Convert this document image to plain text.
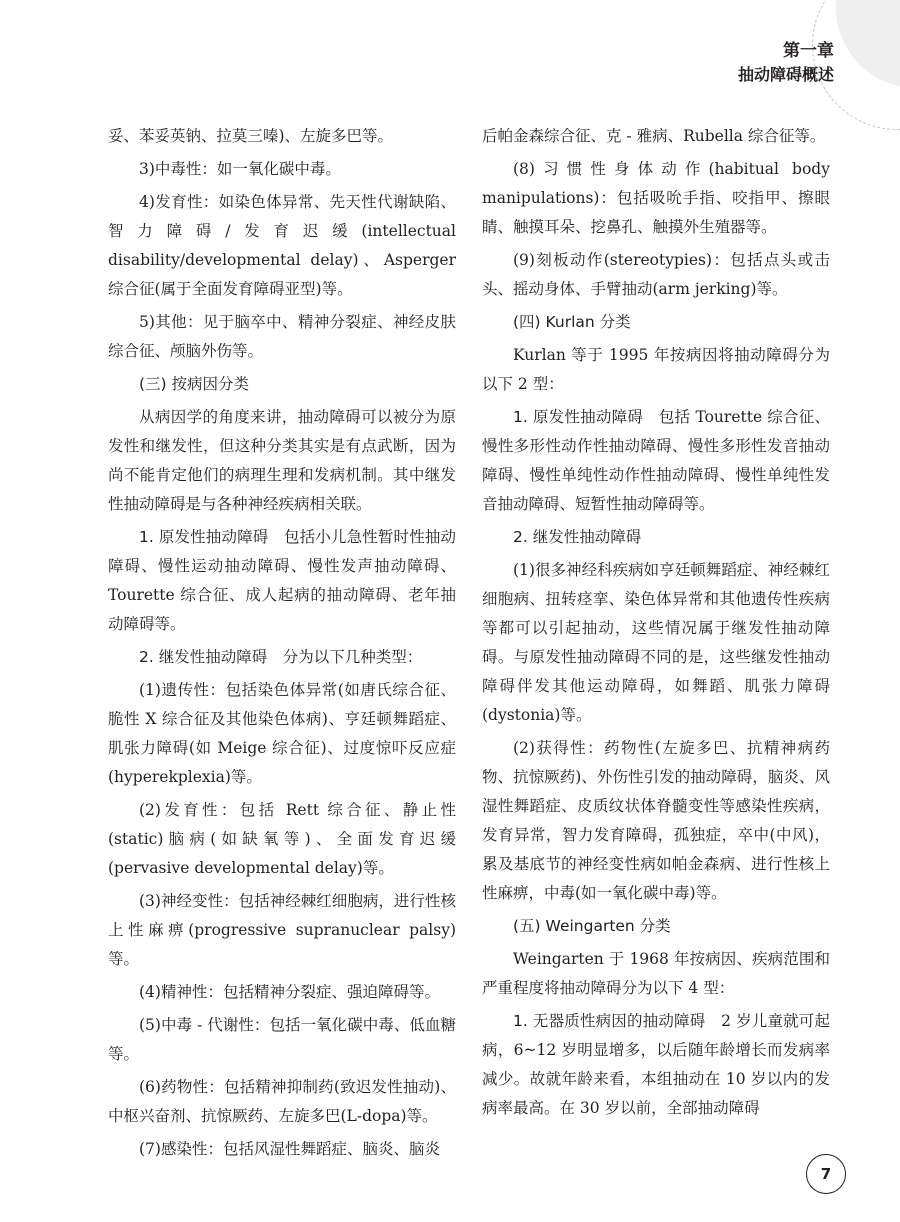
第一章
抽动障碍概述

妥、苯妥英钠、拉莫三嗪)、左旋多巴等。

3)中毒性：如一氧化碳中毒。

4)发育性：如染色体异常、先天性代谢缺陷、智力障碍/发育迟缓(intellectual disability/developmental delay)、Asperger 综合征(属于全面发育障碍亚型)等。

5)其他：见于脑卒中、精神分裂症、神经皮肤综合征、颅脑外伤等。

(三) 按病因分类

从病因学的角度来讲，抽动障碍可以被分为原发性和继发性，但这种分类其实是有点武断，因为尚不能肯定他们的病理生理和发病机制。其中继发性抽动障碍是与各种神经疾病相关联。

1. 原发性抽动障碍　 包括小儿急性暂时性抽动障碍、慢性运动抽动障碍、慢性发声抽动障碍、Tourette 综合征、成人起病的抽动障碍、老年抽动障碍等。

2. 继发性抽动障碍　 分为以下几种类型：

(1)遗传性：包括染色体异常(如唐氏综合征、脆性 X 综合征及其他染色体病)、亨廷顿舞蹈症、肌张力障碍(如 Meige 综合征)、过度惊吓反应症(hyperekplexia)等。

(2)发育性：包括 Rett 综合征、静止性(static)脑病(如缺氧等)、全面发育迟缓(pervasive developmental delay)等。

(3)神经变性：包括神经棘红细胞病，进行性核上性麻痹(progressive supranuclear palsy)等。

(4)精神性：包括精神分裂症、强迫障碍等。

(5)中毒 - 代谢性：包括一氧化碳中毒、低血糖等。

(6)药物性：包括精神抑制药(致迟发性抽动)、中枢兴奋剂、抗惊厥药、左旋多巴(L-dopa)等。

(7)感染性：包括风湿性舞蹈症、脑炎、脑炎

后帕金森综合征、克 - 雅病、Rubella 综合征等。

(8)习惯性身体动作(habitual body manipulations)：包括吸吮手指、咬指甲、擦眼睛、触摸耳朵、挖鼻孔、触摸外生殖器等。

(9)刻板动作(stereotypies)：包括点头或击头、摇动身体、手臂抽动(arm jerking)等。

(四) Kurlan 分类

Kurlan 等于 1995 年按病因将抽动障碍分为以下 2 型：

1. 原发性抽动障碍　 包括 Tourette 综合征、慢性多形性动作性抽动障碍、慢性多形性发音抽动障碍、慢性单纯性动作性抽动障碍、慢性单纯性发音抽动障碍、短暂性抽动障碍等。

2. 继发性抽动障碍

(1)很多神经科疾病如亨廷顿舞蹈症、神经棘红细胞病、扭转痉挛、染色体异常和其他遗传性疾病等都可以引起抽动，这些情况属于继发性抽动障碍。与原发性抽动障碍不同的是，这些继发性抽动障碍伴发其他运动障碍，如舞蹈、肌张力障碍(dystonia)等。

(2)获得性：药物性(左旋多巴、抗精神病药物、抗惊厥药)、外伤性引发的抽动障碍，脑炎、风湿性舞蹈症、皮质纹状体脊髓变性等感染性疾病，发育异常，智力发育障碍，孤独症，卒中(中风)，累及基底节的神经变性病如帕金森病、进行性核上性麻痹，中毒(如一氧化碳中毒)等。

(五) Weingarten 分类

Weingarten 于 1968 年按病因、疾病范围和严重程度将抽动障碍分为以下 4 型：

1. 无器质性病因的抽动障碍　 2 岁儿童就可起病，6~12 岁明显增多，以后随年龄增长而发病率减少。故就年龄来看，本组抽动在 10 岁以内的发病率最高。在 30 岁以前，全部抽动障碍

7
